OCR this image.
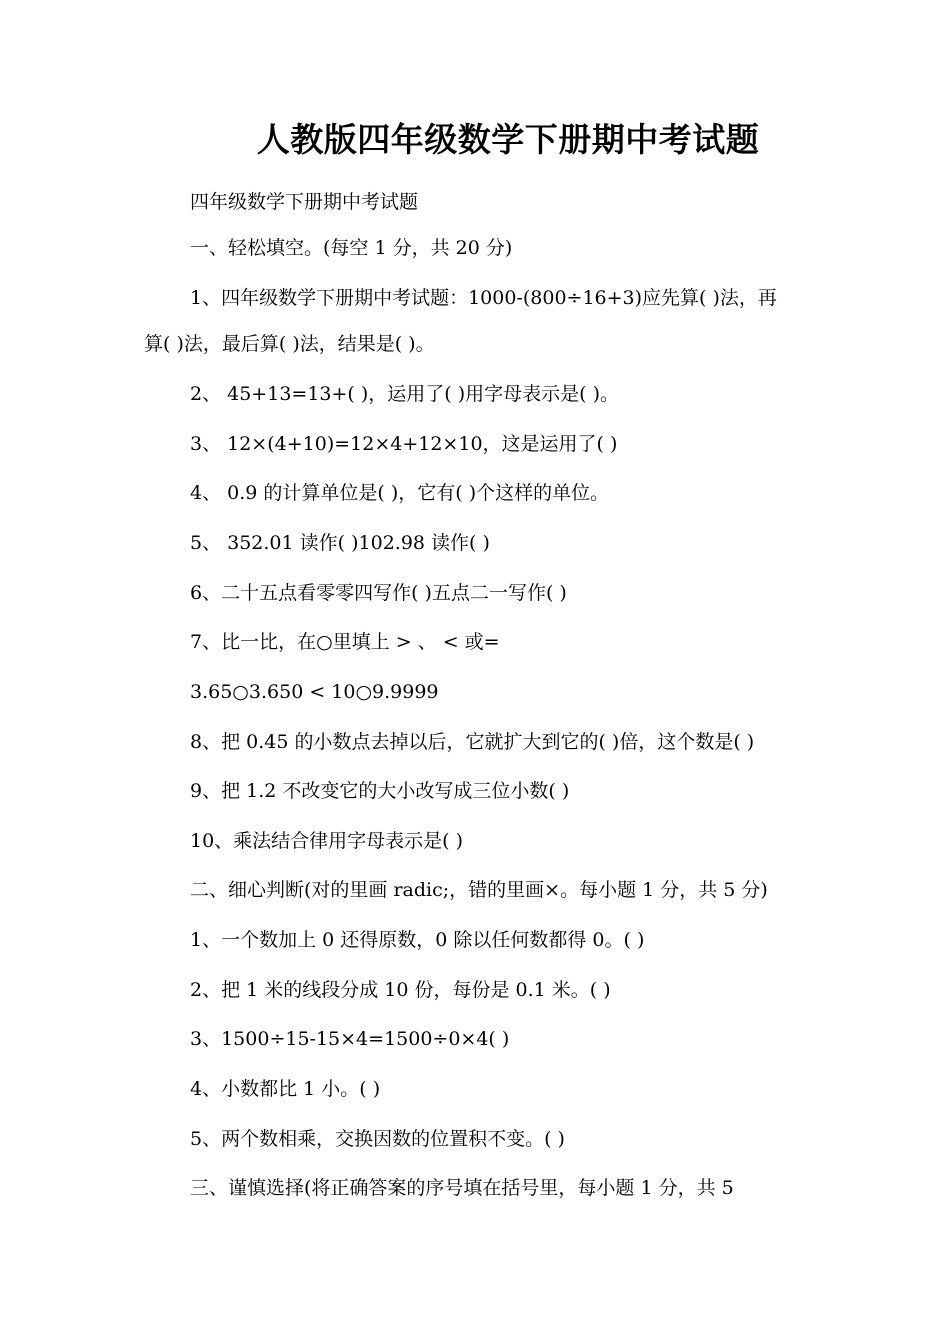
人教版四年级数学下册期中考试题
四年级数学下册期中考试题
一、轻松填空。(每空 1 分，共 20 分)
1、四年级数学下册期中考试题：1000-(800÷16+3)应先算( )法，再
算( )法，最后算( )法，结果是( )。
2、 45+13=13+( )，运用了( )用字母表示是( )。
3、 12×(4+10)=12×4+12×10，这是运用了( )
4、 0.9 的计算单位是( )，它有( )个这样的单位。
5、 352.01 读作( )102.98 读作( )
6、二十五点看零零四写作( )五点二一写作( )
7、比一比，在○里填上 > 、 < 或=
3.65○3.650 < 10○9.9999
8、把 0.45 的小数点去掉以后，它就扩大到它的( )倍，这个数是( )
9、把 1.2 不改变它的大小改写成三位小数( )
10、乘法结合律用字母表示是( )
二、细心判断(对的里画 radic;，错的里画×。每小题 1 分，共 5 分)
1、一个数加上 0 还得原数，0 除以任何数都得 0。( )
2、把 1 米的线段分成 10 份，每份是 0.1 米。( )
3、1500÷15-15×4=1500÷0×4( )
4、小数都比 1 小。( )
5、两个数相乘，交换因数的位置积不变。( )
三、谨慎选择(将正确答案的序号填在括号里，每小题 1 分，共 5
